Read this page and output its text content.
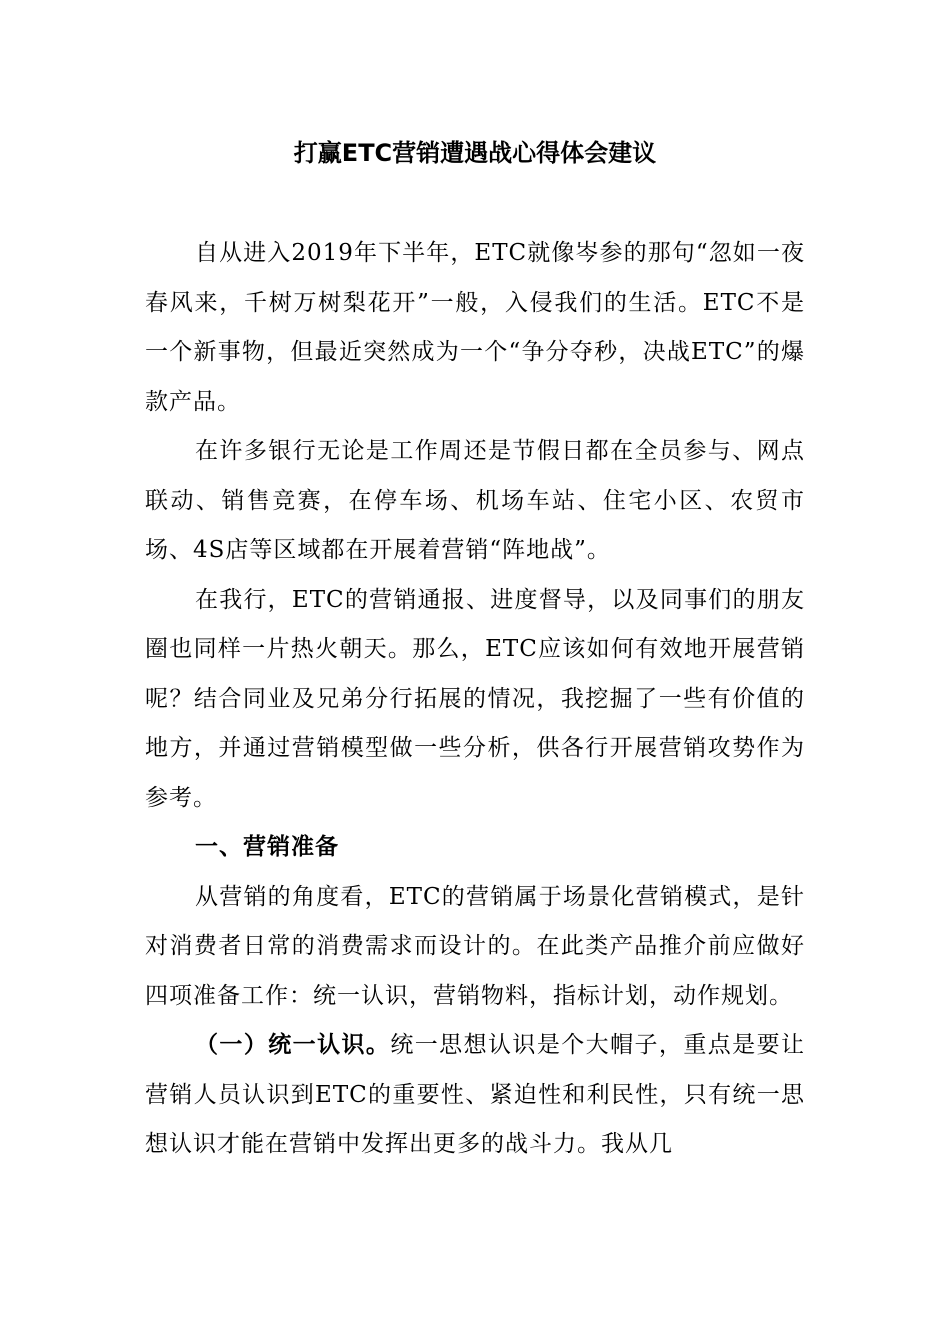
打赢ETC营销遭遇战心得体会建议

自从进入2019年下半年，ETC就像岑参的那句“忽如一夜春风来，千树万树梨花开”一般，入侵我们的生活。ETC不是一个新事物，但最近突然成为一个“争分夺秒，决战ETC”的爆款产品。

在许多银行无论是工作周还是节假日都在全员参与、网点联动、销售竞赛，在停车场、机场车站、住宅小区、农贸市场、4S店等区域都在开展着营销“阵地战”。

在我行，ETC的营销通报、进度督导，以及同事们的朋友圈也同样一片热火朝天。那么，ETC应该如何有效地开展营销呢？结合同业及兄弟分行拓展的情况，我挖掘了一些有价值的地方，并通过营销模型做一些分析，供各行开展营销攻势作为参考。

一、营销准备

从营销的角度看，ETC的营销属于场景化营销模式，是针对消费者日常的消费需求而设计的。在此类产品推介前应做好四项准备工作：统一认识，营销物料，指标计划，动作规划。

（一）统一认识。统一思想认识是个大帽子，重点是要让营销人员认识到ETC的重要性、紧迫性和利民性，只有统一思想认识才能在营销中发挥出更多的战斗力。我从几
